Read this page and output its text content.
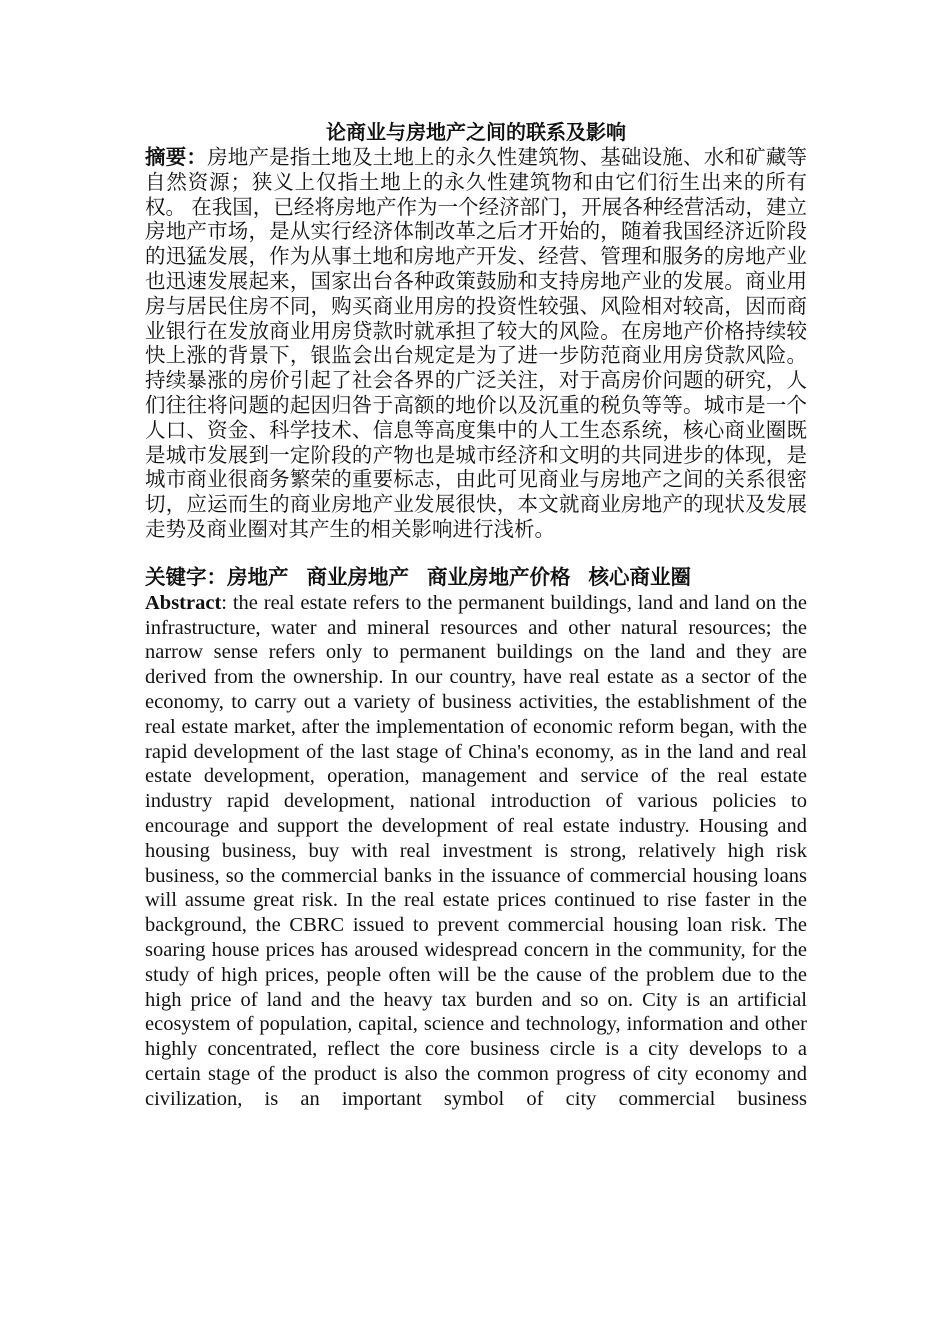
论商业与房地产之间的联系及影响

摘要：房地产是指土地及土地上的永久性建筑物、基础设施、水和矿藏等自然资源；狭义上仅指土地上的永久性建筑物和由它们衍生出来的所有权。 在我国，已经将房地产作为一个经济部门，开展各种经营活动，建立房地产市场，是从实行经济体制改革之后才开始的，随着我国经济近阶段的迅猛发展，作为从事土地和房地产开发、经营、管理和服务的房地产业也迅速发展起来，国家出台各种政策鼓励和支持房地产业的发展。商业用房与居民住房不同，购买商业用房的投资性较强、风险相对较高，因而商业银行在发放商业用房贷款时就承担了较大的风险。在房地产价格持续较快上涨的背景下，银监会出台规定是为了进一步防范商业用房贷款风险。持续暴涨的房价引起了社会各界的广泛关注，对于高房价问题的研究，人们往往将问题的起因归咎于高额的地价以及沉重的税负等等。城市是一个人口、资金、科学技术、信息等高度集中的人工生态系统，核心商业圈既是城市发展到一定阶段的产物也是城市经济和文明的共同进步的体现，是城市商业很商务繁荣的重要标志，由此可见商业与房地产之间的关系很密切，应运而生的商业房地产业发展很快，本文就商业房地产的现状及发展走势及商业圈对其产生的相关影响进行浅析。

关键字：房地产 商业房地产 商业房地产价格 核心商业圈

Abstract: the real estate refers to the permanent buildings, land and land on the infrastructure, water and mineral resources and other natural resources; the narrow sense refers only to permanent buildings on the land and they are derived from the ownership. In our country, have real estate as a sector of the economy, to carry out a variety of business activities, the establishment of the real estate market, after the implementation of economic reform began, with the rapid development of the last stage of China's economy, as in the land and real estate development, operation, management and service of the real estate industry rapid development, national introduction of various policies to encourage and support the development of real estate industry. Housing and housing business, buy with real investment is strong, relatively high risk business, so the commercial banks in the issuance of commercial housing loans will assume great risk. In the real estate prices continued to rise faster in the background, the CBRC issued to prevent commercial housing loan risk. The soaring house prices has aroused widespread concern in the community, for the study of high prices, people often will be the cause of the problem due to the high price of land and the heavy tax burden and so on. City is an artificial ecosystem of population, capital, science and technology, information and other highly concentrated, reflect the core business circle is a city develops to a certain stage of the product is also the common progress of city economy and civilization, is an important symbol of city commercial business
